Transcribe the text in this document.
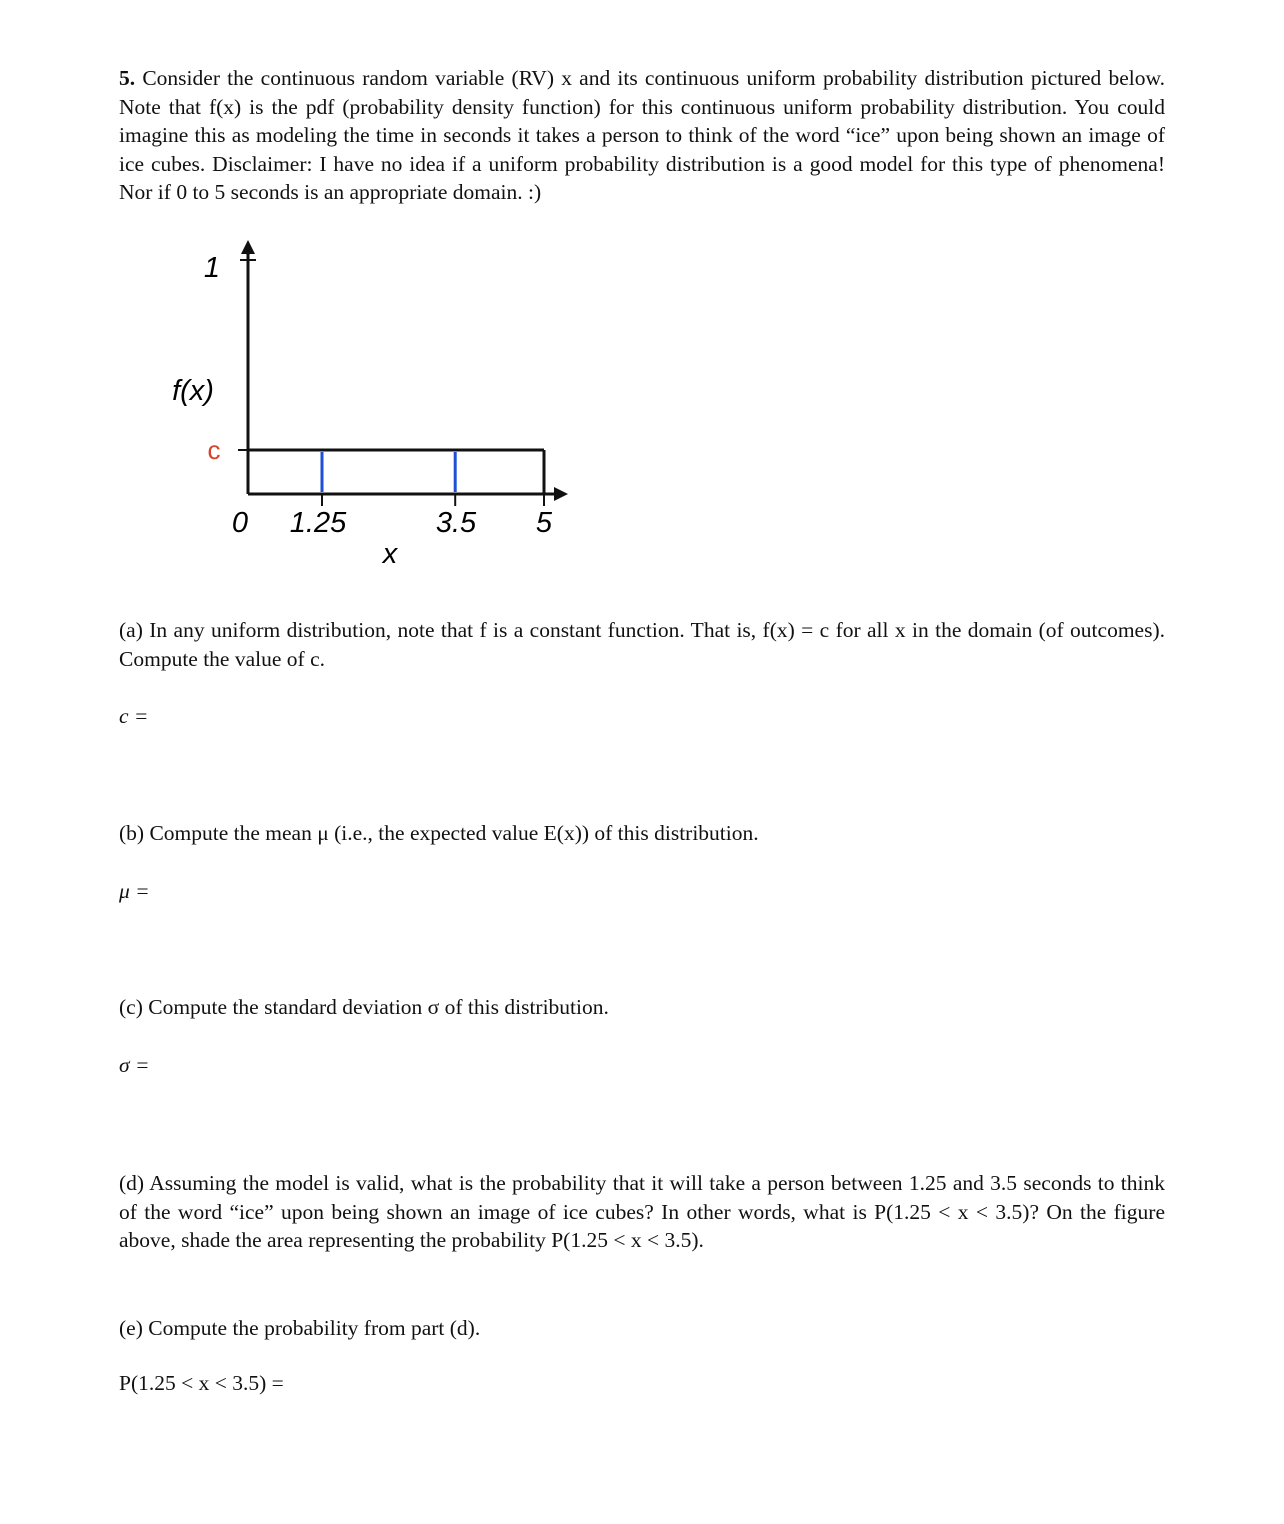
5. Consider the continuous random variable (RV) x and its continuous uniform probability distribution pictured below. Note that f(x) is the pdf (probability density function) for this continuous uniform probability distribution. You could imagine this as modeling the time in seconds it takes a person to think of the word “ice” upon being shown an image of ice cubes. Disclaimer: I have no idea if a uniform probability distribution is a good model for this type of phenomena! Nor if 0 to 5 seconds is an appropriate domain. :)

1
f(x)
c
0 1.25	3.5 5
x

(a) In any uniform distribution, note that f is a constant function. That is, f(x) = c for all x in the domain (of outcomes). Compute the value of c.

c =

(b) Compute the mean μ (i.e., the expected value E(x)) of this distribution.

μ =

(c) Compute the standard deviation σ of this distribution.

σ =

(d) Assuming the model is valid, what is the probability that it will take a person between 1.25 and 3.5 seconds to think of the word “ice” upon being shown an image of ice cubes? In other words, what is P(1.25 < x < 3.5)? On the figure above, shade the area representing the probability P(1.25 < x < 3.5).

(e) Compute the probability from part (d).

P(1.25 < x < 3.5) =
